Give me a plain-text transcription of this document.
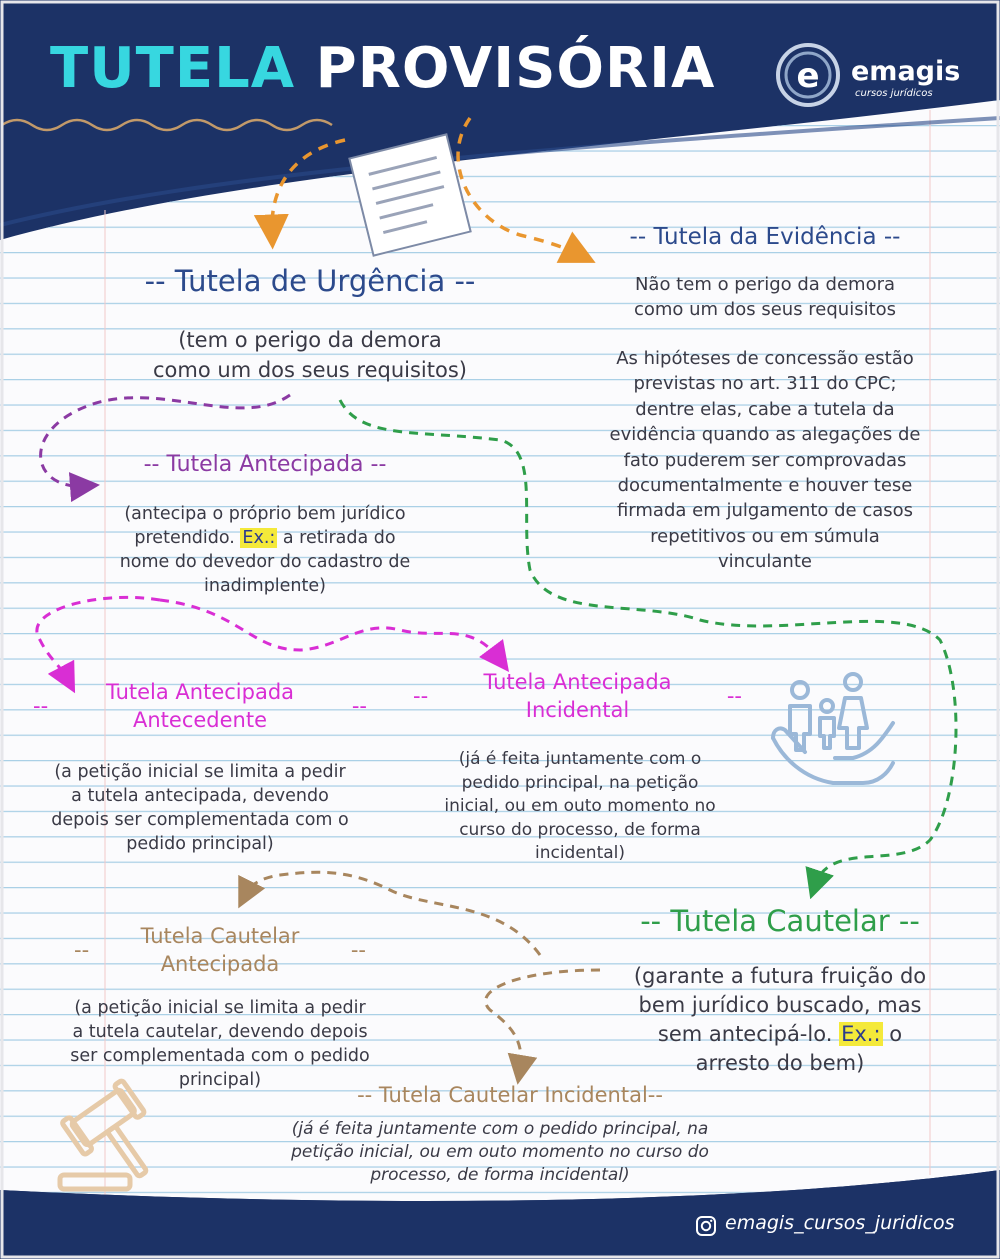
TUTELA PROVISÓRIA e emagis
cursos jurídicos
-- Tutela de Urgência --
(tem o perigo da demora
como um dos seus requisitos)
-- Tutela da Evidência --
Não tem o perigo da demora
como um dos seus requisitos
As hipóteses de concessão estão
previstas no art. 311 do CPC;
dentre elas, cabe a tutela da
evidência quando as alegações de
fato puderem ser comprovadas
documentalmente e houver tese
firmada em julgamento de casos
repetitivos ou em súmula
vinculante
-- Tutela Antecipada --
(antecipa o próprio bem jurídico
pretendido. Ex.: a retirada do
nome do devedor do cadastro de
inadimplente)
--	--
Tutela Antecipada
Antecedente
(a petição inicial se limita a pedir
a tutela antecipada, devendo
depois ser complementada com o
pedido principal)
--	--
Tutela Antecipada
Incidental
(já é feita juntamente com o
pedido principal, na petição
inicial, ou em outo momento no
curso do processo, de forma
incidental)
-- Tutela Cautelar --
(garante a futura fruição do
bem jurídico buscado, mas
sem antecipá-lo. Ex.: o
arresto do bem)
--	--
Tutela Cautelar
Antecipada
(a petição inicial se limita a pedir
a tutela cautelar, devendo depois
ser complementada com o pedido
principal)
-- Tutela Cautelar Incidental--
(já é feita juntamente com o pedido principal, na
petição inicial, ou em outo momento no curso do
processo, de forma incidental)
emagis_cursos_juridicos
